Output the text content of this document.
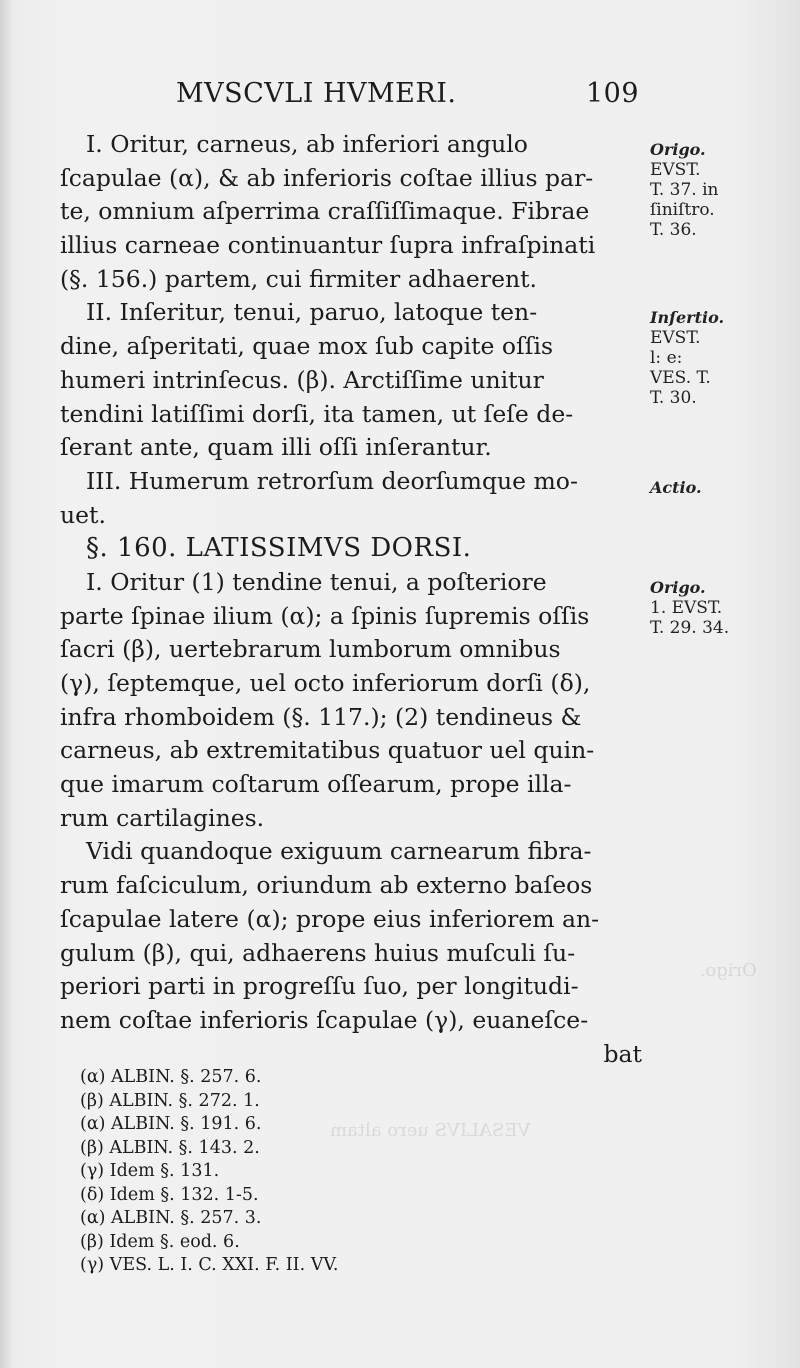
VESALIVS uero altam
Origo.
MVSCVLI HVMERI.	109
I. Oritur, carneus, ab inferiori angulo
ſcapulae (α), & ab inferioris coſtae illius par-
te, omnium aſperrima craſſiſſimaque. Fibrae
illius carneae continuantur ſupra infraſpinati
(§. 156.) partem, cui firmiter adhaerent.
II. Inſeritur, tenui, paruo, latoque ten-
dine, aſperitati, quae mox ſub capite oſſis
humeri intrinſecus. (β). Arctiſſime unitur
tendini latiſſimi dorſi, ita tamen, ut ſeſe de-
ſerant ante, quam illi oſſi inſerantur.
III. Humerum retrorſum deorſumque mo-
uet.
§. 160. LATISSIMVS DORSI.
I. Oritur (1) tendine tenui, a poſteriore
parte ſpinae ilium (α); a ſpinis ſupremis oſſis
ſacri (β), uertebrarum lumborum omnibus
(γ), ſeptemque, uel octo inferiorum dorſi (δ),
infra rhomboidem (§. 117.); (2) tendineus &
carneus, ab extremitatibus quatuor uel quin-
que imarum coſtarum oſſearum, prope illa-
rum cartilagines.
Vidi quandoque exiguum carnearum fibra-
rum faſciculum, oriundum ab externo baſeos
ſcapulae latere (α); prope eius inferiorem an-
gulum (β), qui, adhaerens huius muſculi ſu-
periori parti in progreſſu ſuo, per longitudi-
nem coſtae inferioris ſcapulae (γ), euaneſce-
bat
Origo.
EVST.
T. 37. in
ſiniſtro.
T. 36.
Inſertio.
EVST.
l: e:
VES. T.
T. 30.
Actio.
Origo.
1. EVST.
T. 29. 34.
(α) ALBIN. §. 257. 6.
(β) ALBIN. §. 272. 1.
(α) ALBIN. §. 191. 6.
(β) ALBIN. §. 143. 2.
(γ) Idem §. 131.
(δ) Idem §. 132. 1-5.
(α) ALBIN. §. 257. 3.
(β) Idem §. eod. 6.
(γ) VES. L. I. C. XXI. F. II. VV.
